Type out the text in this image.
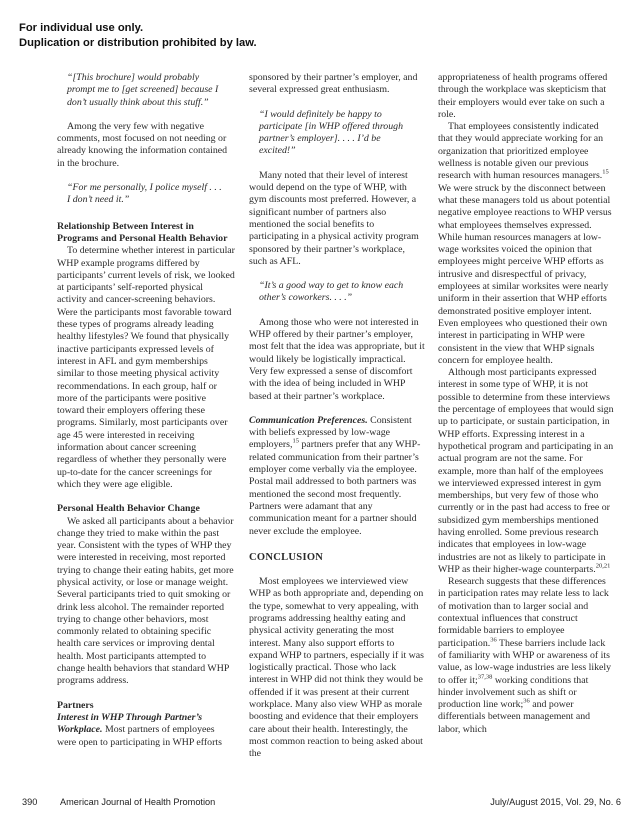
For individual use only.
Duplication or distribution prohibited by law.

“[This brochure] would probably prompt me to [get screened] because I don’t usually think about this stuff.”

Among the very few with negative comments, most focused on not needing or already knowing the information contained in the brochure.

“For me personally, I police myself . . . I don’t need it.”

Relationship Between Interest in Programs and Personal Health Behavior

To determine whether interest in particular WHP example programs differed by participants’ current levels of risk, we looked at participants’ self-reported physical activity and cancer-screening behaviors. Were the participants most favorable toward these types of programs already leading healthy lifestyles? We found that physically inactive participants expressed levels of interest in AFL and gym memberships similar to those meeting physical activity recommendations. In each group, half or more of the participants were positive toward their employers offering these programs. Similarly, most participants over age 45 were interested in receiving information about cancer screening regardless of whether they personally were up-to-date for the cancer screenings for which they were age eligible.

Personal Health Behavior Change

We asked all participants about a behavior change they tried to make within the past year. Consistent with the types of WHP they were interested in receiving, most reported trying to change their eating habits, get more physical activity, or lose or manage weight. Several participants tried to quit smoking or drink less alcohol. The remainder reported trying to change other behaviors, most commonly related to obtaining specific health care services or improving dental health. Most participants attempted to change health behaviors that standard WHP programs address.

Partners

Interest in WHP Through Partner’s Workplace. Most partners of employees were open to participating in WHP efforts

sponsored by their partner’s employer, and several expressed great enthusiasm.

“I would definitely be happy to participate [in WHP offered through partner’s employer]. . . . I’d be excited!”

Many noted that their level of interest would depend on the type of WHP, with gym discounts most preferred. However, a significant number of partners also mentioned the social benefits to participating in a physical activity program sponsored by their partner’s workplace, such as AFL.

“It’s a good way to get to know each other’s coworkers. . . .”

Among those who were not interested in WHP offered by their partner’s employer, most felt that the idea was appropriate, but it would likely be logistically impractical. Very few expressed a sense of discomfort with the idea of being included in WHP based at their partner’s workplace.

Communication Preferences. Consistent with beliefs expressed by low-wage employers,$^{15}$ partners prefer that any WHP-related communication from their partner’s employer come verbally via the employee. Postal mail addressed to both partners was mentioned the second most frequently. Partners were adamant that any communication meant for a partner should never exclude the employee.

CONCLUSION

Most employees we interviewed view WHP as both appropriate and, depending on the type, somewhat to very appealing, with programs addressing healthy eating and physical activity generating the most interest. Many also support efforts to expand WHP to partners, especially if it was logistically practical. Those who lack interest in WHP did not think they would be offended if it was present at their current workplace. Many also view WHP as morale boosting and evidence that their employers care about their health. Interestingly, the most common reaction to being asked about the

appropriateness of health programs offered through the workplace was skepticism that their employers would ever take on such a role.

That employees consistently indicated that they would appreciate working for an organization that prioritized employee wellness is notable given our previous research with human resources managers.$^{15}$ We were struck by the disconnect between what these managers told us about potential negative employee reactions to WHP versus what employees themselves expressed. While human resources managers at low-wage worksites voiced the opinion that employees might perceive WHP efforts as intrusive and disrespectful of privacy, employees at similar worksites were nearly uniform in their assertion that WHP efforts demonstrated positive employer intent. Even employees who questioned their own interest in participating in WHP were consistent in the view that WHP signals concern for employee health.

Although most participants expressed interest in some type of WHP, it is not possible to determine from these interviews the percentage of employees that would sign up to participate, or sustain participation, in WHP efforts. Expressing interest in a hypothetical program and participating in an actual program are not the same. For example, more than half of the employees we interviewed expressed interest in gym memberships, but very few of those who currently or in the past had access to free or subsidized gym memberships mentioned having enrolled. Some previous research indicates that employees in low-wage industries are not as likely to participate in WHP as their higher-wage counterparts.$^{20,21}$

Research suggests that these differences in participation rates may relate less to lack of motivation than to larger social and contextual influences that construct formidable barriers to employee participation.$^{36}$ These barriers include lack of familiarity with WHP or awareness of its value, as low-wage industries are less likely to offer it;$^{37,38}$ working conditions that hinder involvement such as shift or production line work;$^{36}$ and power differentials between management and labor, which

390 American Journal of Health Promotion	July/August 2015, Vol. 29, No. 6
